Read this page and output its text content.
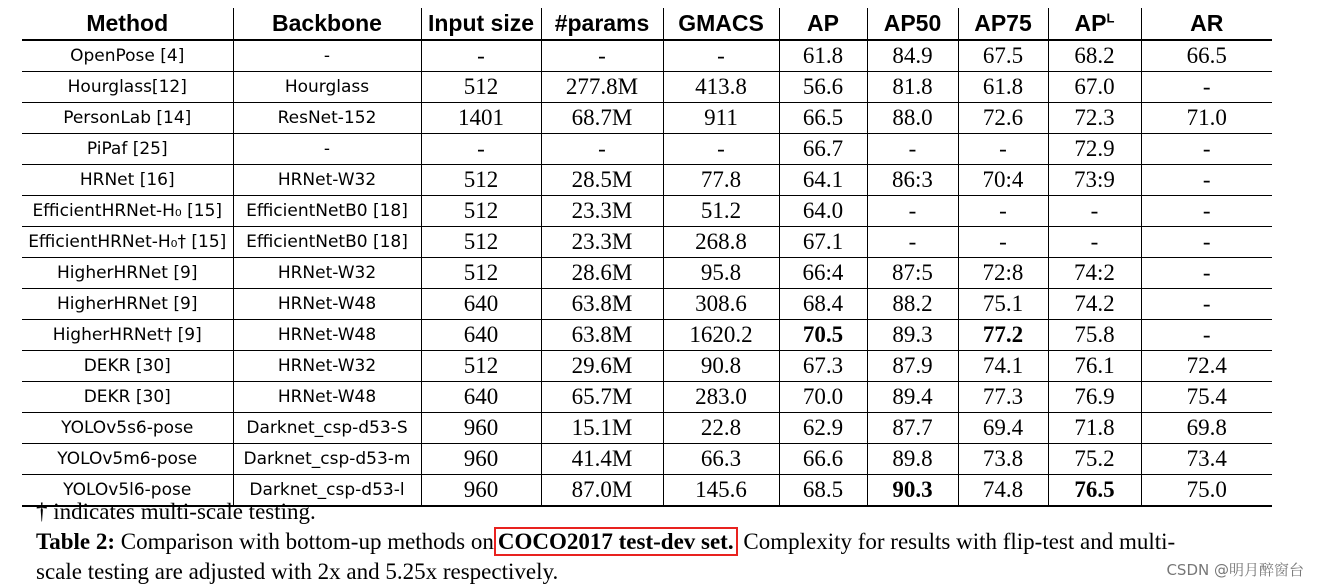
Method	Backbone	Input size	#params	GMACS	AP	AP50	AP75	$AP^L$	AR
OpenPose [4]	-	-	-	-	61.8	84.9	67.5	68.2	66.5
Hourglass[12]	Hourglass	512	277.8M	413.8	56.6	81.8	61.8	67.0	-
PersonLab [14]	ResNet-152	1401	68.7M	911	66.5	88.0	72.6	72.3	71.0
PiPaf [25]	-	-	-	-	66.7	-	-	72.9	-
HRNet [16]	HRNet-W32	512	28.5M	77.8	64.1	86:3	70:4	73:9	-
EfficientHRNet-H₀ [15]	EfficientNetB0 [18]	512	23.3M	51.2	64.0	-	-	-	-
EfficientHRNet-H₀† [15]	EfficientNetB0 [18]	512	23.3M	268.8	67.1	-	-	-	-
HigherHRNet [9]	HRNet-W32	512	28.6M	95.8	66:4	87:5	72:8	74:2	-
HigherHRNet [9]	HRNet-W48	640	63.8M	308.6	68.4	88.2	75.1	74.2	-
HigherHRNet† [9]	HRNet-W48	640	63.8M	1620.2	70.5	89.3	77.2	75.8	-
DEKR [30]	HRNet-W32	512	29.6M	90.8	67.3	87.9	74.1	76.1	72.4
DEKR [30]	HRNet-W48	640	65.7M	283.0	70.0	89.4	77.3	76.9	75.4
YOLOv5s6-pose	Darknet_csp-d53-S	960	15.1M	22.8	62.9	87.7	69.4	71.8	69.8
YOLOv5m6-pose	Darknet_csp-d53-m	960	41.4M	66.3	66.6	89.8	73.8	75.2	73.4
YOLOv5l6-pose	Darknet_csp-d53-l	960	87.0M	145.6	68.5	90.3	74.8	76.5	75.0

† indicates multi-scale testing.

Table 2: Comparison with bottom-up methods on COCO2017 test-dev set. Complexity for results with flip-test and multi-

scale testing are adjusted with 2x and 5.25x respectively.	CSDN @明月醉窗台
